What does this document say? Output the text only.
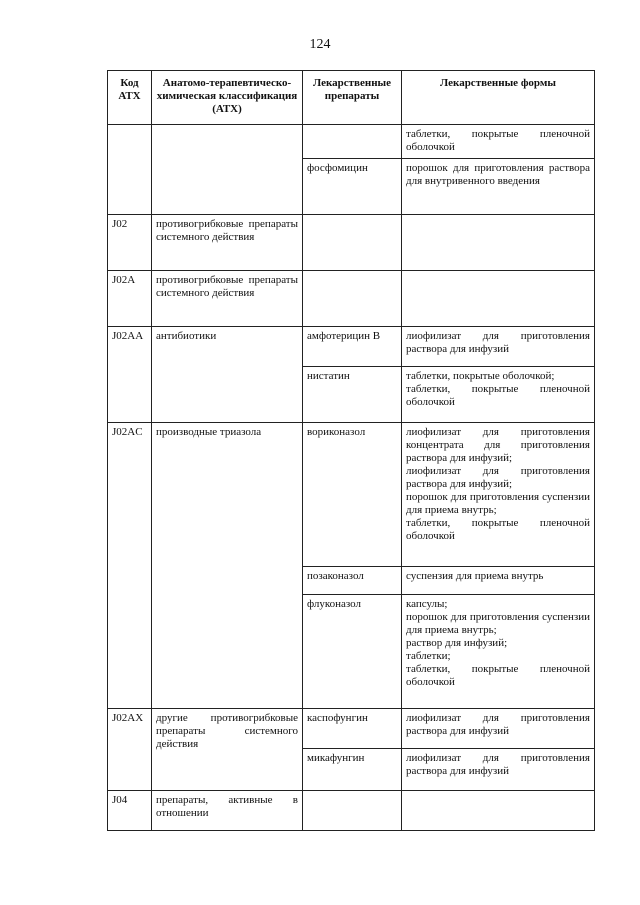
124
Код АТХ	Анатомо-терапевтическо-химическая классификация (АТХ)	Лекарственные препараты	Лекарственные формы

			таблетки, покрытые пленочной оболочкой

		фосфомицин	порошок для приготовления раствора для внутривенного введения

J02	противогрибковые препараты системного действия		
J02A	противогрибковые препараты системного действия		
J02AA	антибиотики	амфотерицин B	лиофилизат для приготовления раствора для инфузий

		нистатин	таблетки, покрытые оболочкой;
таблетки, покрытые пленочной оболочкой

J02AC	производные триазола	вориконазол	лиофилизат для приготовления концентрата для приготовления раствора для инфузий;
лиофилизат для приготовления раствора для инфузий;
порошок для приготовления суспензии для приема внутрь;
таблетки, покрытые пленочной оболочкой

		позаконазол	суспензия для приема внутрь

		флуконазол	капсулы;
порошок для приготовления суспензии для приема внутрь;
раствор для инфузий;
таблетки;
таблетки, покрытые пленочной оболочкой

J02AX	другие противогрибковые препараты системного действия	каспофунгин	лиофилизат для приготовления раствора для инфузий

		микафунгин	лиофилизат для приготовления раствора для инфузий

J04	препараты, активные в отношении		
